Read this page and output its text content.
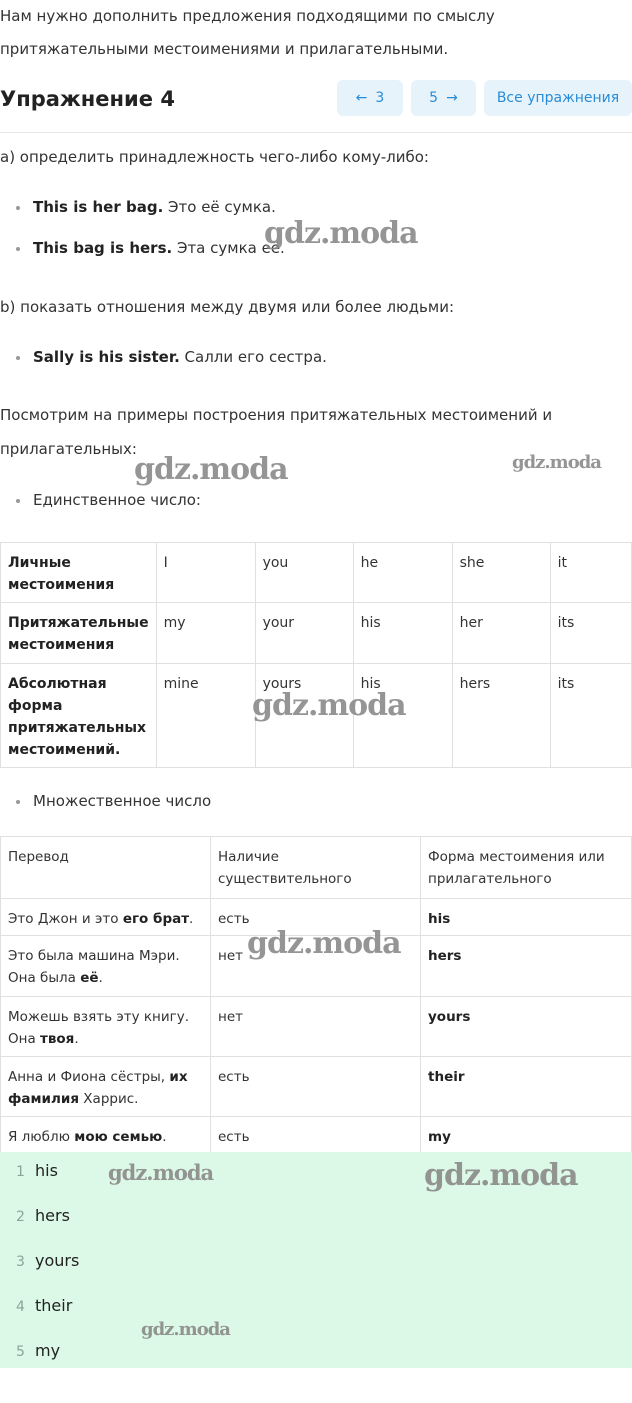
Нам нужно дополнить предложения подходящими по смыслу притяжательными местоимениями и прилагательными.
Упражнение 4	← 3	5 →	Все упражнения
а) определить принадлежность чего-либо кому-либо:
This is her bag. Это её сумка.
This bag is hers. Эта сумка её.
b) показать отношения между двумя или более людьми:
Sally is his sister. Салли его сестра.
Посмотрим на примеры построения притяжательных местоимений и прилагательных:
Единственное число:
Личные местоимения	I	you	he	she	it
Притяжательные местоимения	my	your	his	her	its
Абсолютная форма притяжательных местоимений.	mine	yours	his	hers	its
Множественное число
Перевод	Наличие существительного	Форма местоимения или прилагательного
Это Джон и это его брат.	есть	his
Это была машина Мэри. Она была её.	нет	hers
Можешь взять эту книгу. Она твоя.	нет	yours
Анна и Фиона сёстры, их фамилия Харрис.	есть	their
Я люблю мою семью.	есть	my
1 his
2 hers
3 yours
4 their
5 my
gdz.moda
gdz.moda	gdz.moda
gdz.moda
gdz.moda
gdz.moda	gdz.moda
gdz.moda
